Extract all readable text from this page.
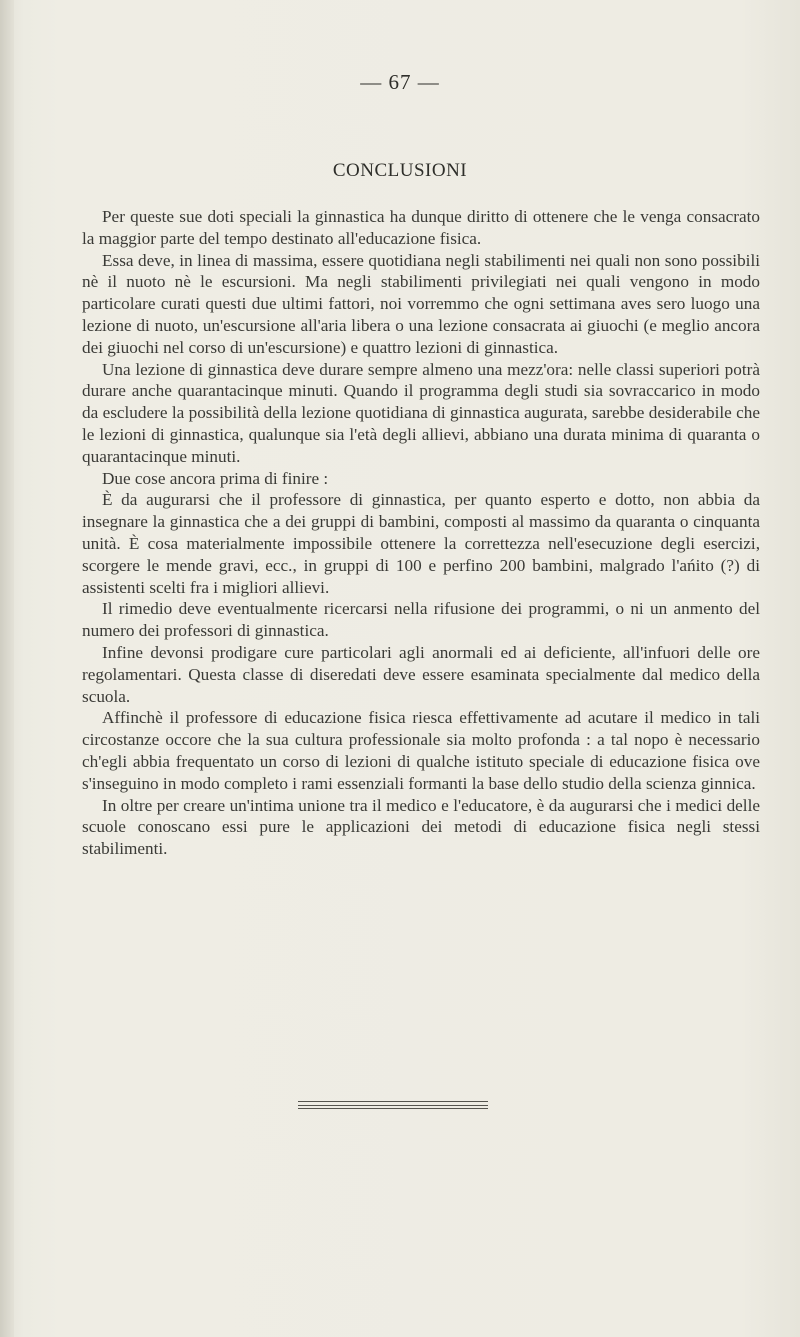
— 67 —
CONCLUSIONI

Per queste sue doti speciali la ginnastica ha dunque diritto di ottenere che le venga consacrato la maggior parte del tempo destinato all'educazione fisica.

Essa deve, in linea di massima, essere quotidiana negli stabilimenti nei quali non sono possibili nè il nuoto nè le escursioni. Ma negli stabilimenti privilegiati nei quali vengono in modo particolare curati questi due ultimi fattori, noi vorremmo che ogni settimana aves sero luogo una lezione di nuoto, un'escursione all'aria libera o una lezione consacrata ai giuochi (e meglio ancora dei giuochi nel corso di un'escursione) e quattro lezioni di ginnastica.

Una lezione di ginnastica deve durare sempre almeno una mezz'ora: nelle classi superiori potrà durare anche quarantacinque minuti. Quando il programma degli studi sia sovraccarico in modo da escludere la possibilità della lezione quotidiana di ginnastica augurata, sarebbe desiderabile che le lezioni di ginnastica, qualunque sia l'età degli allievi, abbiano una durata minima di quaranta o quarantacinque minuti.

Due cose ancora prima di finire :

È da augurarsi che il professore di ginnastica, per quanto esperto e dotto, non abbia da insegnare la ginnastica che a dei gruppi di bambini, composti al massimo da quaranta o cinquanta unità. È cosa materialmente impossibile ottenere la correttezza nell'esecuzione degli esercizi, scorgere le mende gravi, ecc., in gruppi di 100 e perfino 200 bambini, malgrado l'ańito (?) di assistenti scelti fra i migliori allievi.

Il rimedio deve eventualmente ricercarsi nella rifusione dei programmi, o ni un anmento del numero dei professori di ginnastica.

Infine devonsi prodigare cure particolari agli anormali ed ai deficiente, all'infuori delle ore regolamentari. Questa classe di diseredati deve essere esaminata specialmente dal medico della scuola.

Affinchè il professore di educazione fisica riesca effettivamente ad acutare il medico in tali circostanze occore che la sua cultura professionale sia molto profonda : a tal nopo è necessario ch'egli abbia frequentato un corso di lezioni di qualche istituto speciale di educazione fisica ove s'inseguino in modo completo i rami essenziali formanti la base dello studio della scienza ginnica.

In oltre per creare un'intima unione tra il medico e l'educatore, è da augurarsi che i medici delle scuole conoscano essi pure le applicazioni dei metodi di educazione fisica negli stessi stabilimenti.
